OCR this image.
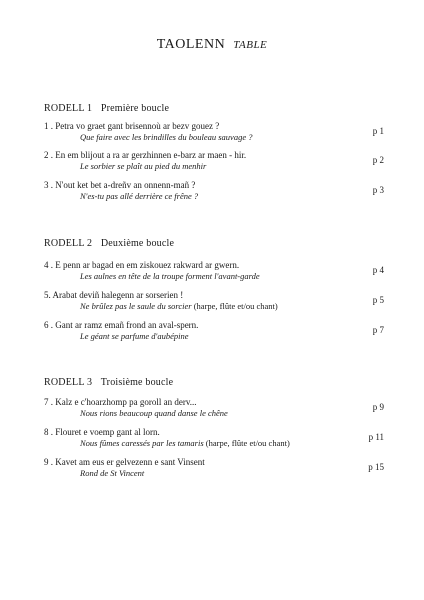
TAOLENN TABLE
RODELL 1 Première boucle
1 . Petra vo graet gant brisennoù ar bezv gouez ?
Que faire avec les brindilles du bouleau sauvage ?
p 1
2 . En em blijout a ra ar gerzhinnen e-barz ar maen - hir.
Le sorbier se plaît au pied du menhir
p 2
3 . N'out ket bet a-dreñv an onnenn-mañ ?
N'es-tu pas allé derrière ce frêne ?
p 3
RODELL 2 Deuxième boucle
4 . E penn ar bagad en em ziskouez rakward ar gwern.
Les aulnes en tête de la troupe forment l'avant-garde
p 4
5. Arabat deviñ halegenn ar sorserien !
Ne brûlez pas le saule du sorcier (harpe, flûte et/ou chant)
p 5
6 . Gant ar ramz emañ frond an aval-spern.
Le géant se parfume d'aubépine
p 7
RODELL 3 Troisième boucle
7 . Kalz e c'hoarzhomp pa goroll an derv...
Nous rions beaucoup quand danse le chêne
p 9
8 . Flouret e voemp gant al lorn.
Nous fûmes caressés par les tamaris (harpe, flûte et/ou chant)
p 11
9 . Kavet am eus er gelvezenn e sant Vinsent
Rond de St Vincent
p 15
